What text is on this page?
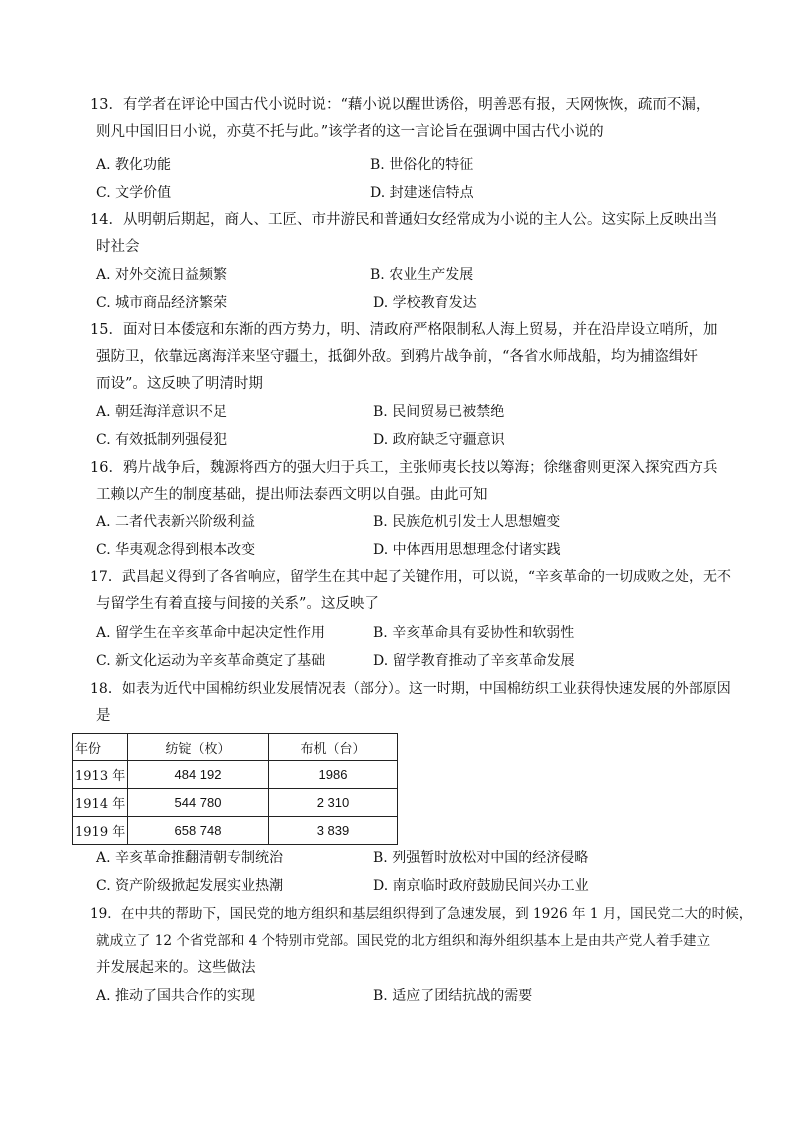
13．有学者在评论中国古代小说时说：“藉小说以醒世诱俗，明善恶有报，天网恢恢，疏而不漏，
则凡中国旧日小说，亦莫不托与此。”该学者的这一言论旨在强调中国古代小说的
A. 教化功能	B. 世俗化的特征
C. 文学价值	D. 封建迷信特点
14．从明朝后期起，商人、工匠、市井游民和普通妇女经常成为小说的主人公。这实际上反映出当
时社会
A. 对外交流日益频繁	B. 农业生产发展
C. 城市商品经济繁荣	D. 学校教育发达
15．面对日本倭寇和东渐的西方势力，明、清政府严格限制私人海上贸易，并在沿岸设立哨所，加
强防卫，依靠远离海洋来坚守疆土，抵御外敌。到鸦片战争前，“各省水师战船，均为捕盗缉奸
而设”。这反映了明清时期
A. 朝廷海洋意识不足	B. 民间贸易已被禁绝
C. 有效抵制列强侵犯	D. 政府缺乏守疆意识
16．鸦片战争后，魏源将西方的强大归于兵工，主张师夷长技以筹海；徐继畬则更深入探究西方兵
工赖以产生的制度基础，提出师法泰西文明以自强。由此可知
A. 二者代表新兴阶级利益	B. 民族危机引发士人思想嬗变
C. 华夷观念得到根本改变	D. 中体西用思想理念付诸实践
17．武昌起义得到了各省响应，留学生在其中起了关键作用，可以说，“辛亥革命的一切成败之处，无不
与留学生有着直接与间接的关系”。这反映了
A. 留学生在辛亥革命中起决定性作用	B. 辛亥革命具有妥协性和软弱性
C. 新文化运动为辛亥革命奠定了基础	D. 留学教育推动了辛亥革命发展
18．如表为近代中国棉纺织业发展情况表（部分）。这一时期，中国棉纺织工业获得快速发展的外部原因
是
年份	纺锭（枚）	布机（台）
1913 年	484 192	1986
1914 年	544 780	2 310
1919 年	658 748	3 839
A. 辛亥革命推翻清朝专制统治	B. 列强暂时放松对中国的经济侵略
C. 资产阶级掀起发展实业热潮	D. 南京临时政府鼓励民间兴办工业
19．在中共的帮助下，国民党的地方组织和基层组织得到了急速发展，到 1926 年 1 月，国民党二大的时候，
就成立了 12 个省党部和 4 个特别市党部。国民党的北方组织和海外组织基本上是由共产党人着手建立
并发展起来的。这些做法
A. 推动了国共合作的实现	B. 适应了团结抗战的需要
